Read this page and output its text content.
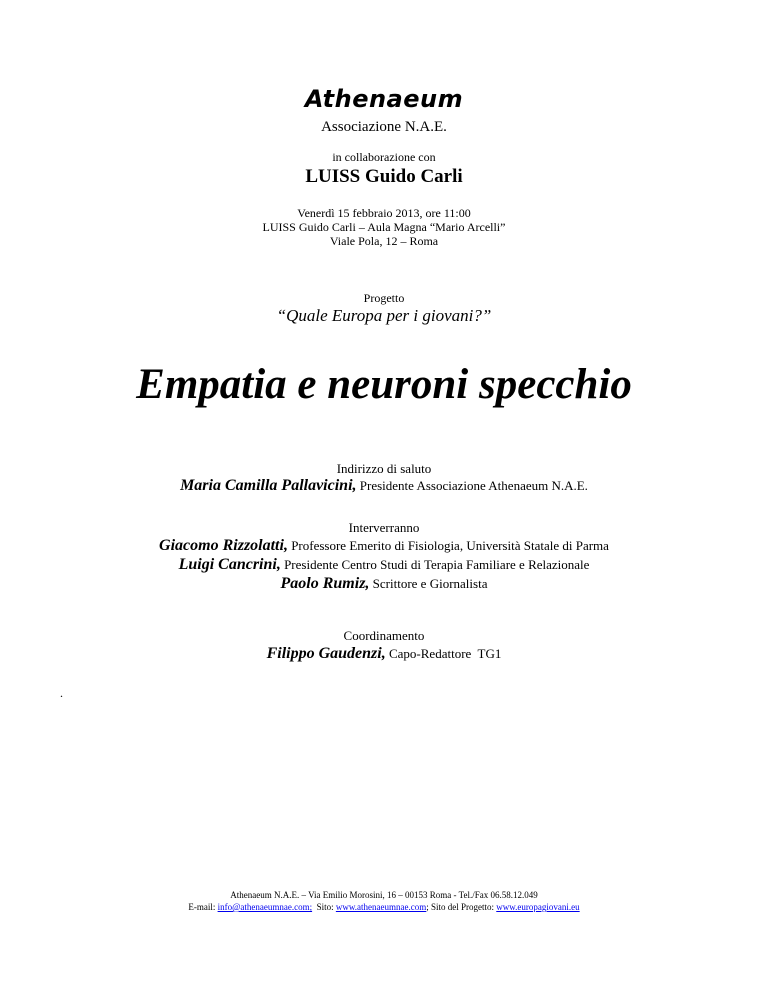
Athenaeum
Associazione N.A.E.
in collaborazione con
LUISS Guido Carli
Venerdì 15 febbraio 2013, ore 11:00
LUISS Guido Carli – Aula Magna “Mario Arcelli”
Viale Pola, 12 – Roma
Progetto
“Quale Europa per i giovani?”
Empatia e neuroni specchio
Indirizzo di saluto
Maria Camilla Pallavicini, Presidente Associazione Athenaeum N.A.E.
Interverranno
Giacomo Rizzolatti, Professore Emerito di Fisiologia, Università Statale di Parma
Luigi Cancrini, Presidente Centro Studi di Terapia Familiare e Relazionale
Paolo Rumiz, Scrittore e Giornalista
Coordinamento
Filippo Gaudenzi, Capo-Redattore  TG1
.
Athenaeum N.A.E. – Via Emilio Morosini, 16 – 00153 Roma - Tel./Fax 06.58.12.049
E-mail: info@athenaeumnae.com;  Sito: www.athenaeumnae.com; Sito del Progetto: www.europagiovani.eu
